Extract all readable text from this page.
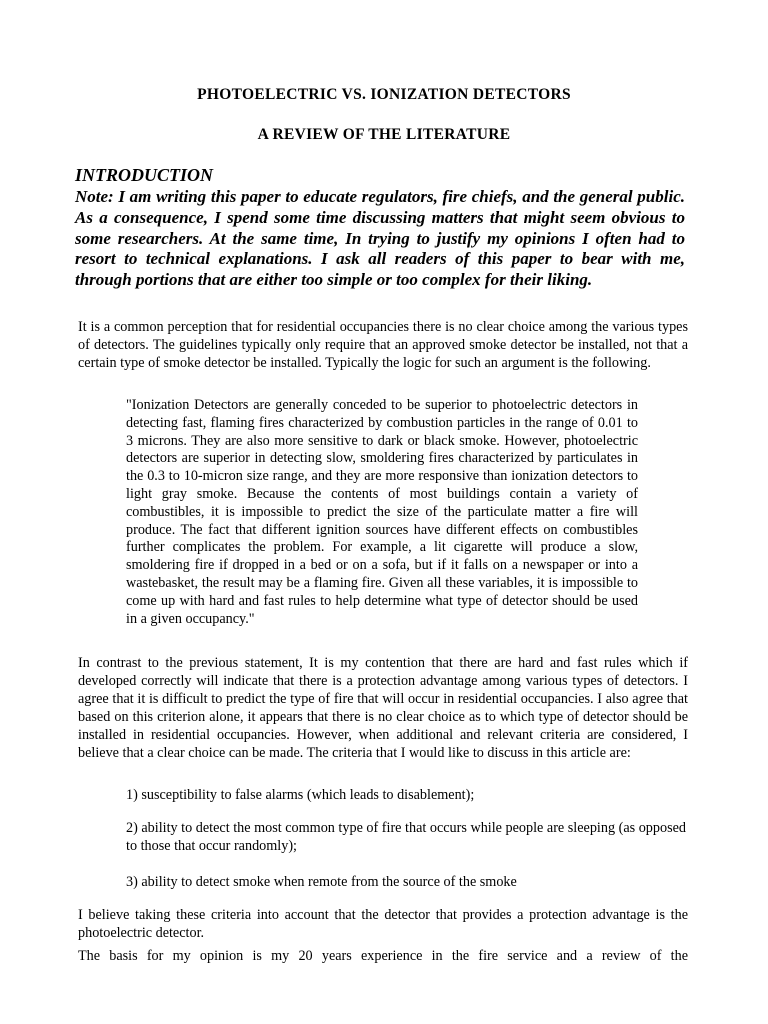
PHOTOELECTRIC VS. IONIZATION DETECTORS
A REVIEW OF THE LITERATURE
INTRODUCTION

Note: I am writing this paper to educate regulators, fire chiefs, and the general public. As a consequence, I spend some time discussing matters that might seem obvious to some researchers. At the same time, In trying to justify my opinions I often had to resort to technical explanations. I ask all readers of this paper to bear with me, through portions that are either too simple or too complex for their liking.

It is a common perception that for residential occupancies there is no clear choice among the various types of detectors. The guidelines typically only require that an approved smoke detector be installed, not that a certain type of smoke detector be installed. Typically the logic for such an argument is the following.

"Ionization Detectors are generally conceded to be superior to photoelectric detectors in detecting fast, flaming fires characterized by combustion particles in the range of 0.01 to 3 microns. They are also more sensitive to dark or black smoke. However, photoelectric detectors are superior in detecting slow, smoldering fires characterized by particulates in the 0.3 to 10-micron size range, and they are more responsive than ionization detectors to light gray smoke. Because the contents of most buildings contain a variety of combustibles, it is impossible to predict the size of the particulate matter a fire will produce. The fact that different ignition sources have different effects on combustibles further complicates the problem. For example, a lit cigarette will produce a slow, smoldering fire if dropped in a bed or on a sofa, but if it falls on a newspaper or into a wastebasket, the result may be a flaming fire. Given all these variables, it is impossible to come up with hard and fast rules to help determine what type of detector should be used in a given occupancy."

In contrast to the previous statement, It is my contention that there are hard and fast rules which if developed correctly will indicate that there is a protection advantage among various types of detectors. I agree that it is difficult to predict the type of fire that will occur in residential occupancies. I also agree that based on this criterion alone, it appears that there is no clear choice as to which type of detector should be installed in residential occupancies. However, when additional and relevant criteria are considered, I believe that a clear choice can be made. The criteria that I would like to discuss in this article are:

1) susceptibility to false alarms (which leads to disablement);

2) ability to detect the most common type of fire that occurs while people are sleeping (as opposed to those that occur randomly);

3) ability to detect smoke when remote from the source of the smoke

I believe taking these criteria into account that the detector that provides a protection advantage is the photoelectric detector.

The basis for my opinion is my 20 years experience in the fire service and a review of the
